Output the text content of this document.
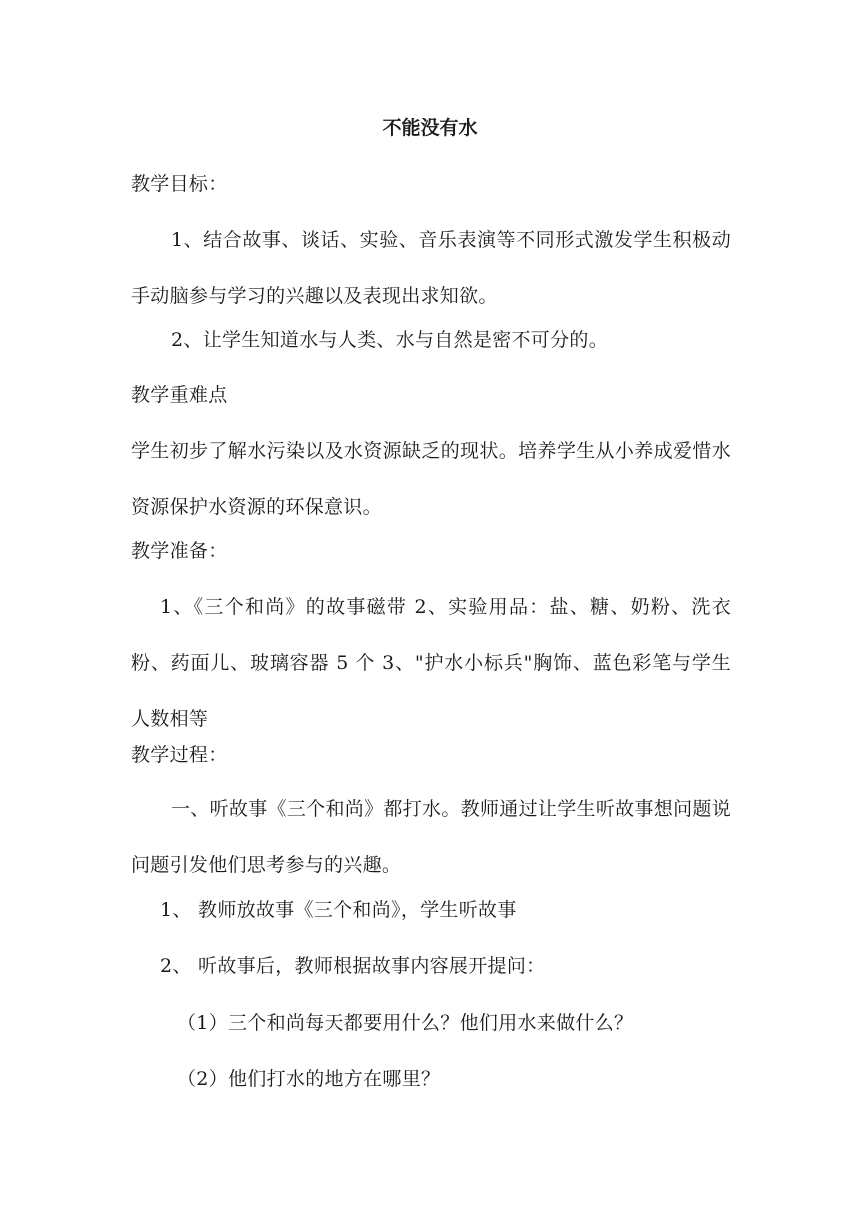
不能没有水

教学目标：

1、结合故事、谈话、实验、音乐表演等不同形式激发学生积极动手动脑参与学习的兴趣以及表现出求知欲。

2、让学生知道水与人类、水与自然是密不可分的。

教学重难点

学生初步了解水污染以及水资源缺乏的现状。培养学生从小养成爱惜水资源保护水资源的环保意识。

教学准备：

1、《三个和尚》的故事磁带 2、实验用品：盐、糖、奶粉、洗衣粉、药面儿、玻璃容器 5 个 3、"护水小标兵"胸饰、蓝色彩笔与学生人数相等

教学过程：

一、听故事《三个和尚》都打水。教师通过让学生听故事想问题说问题引发他们思考参与的兴趣。

1、 教师放故事《三个和尚》，学生听故事

2、 听故事后，教师根据故事内容展开提问：

（1）三个和尚每天都要用什么？他们用水来做什么？

（2）他们打水的地方在哪里？
